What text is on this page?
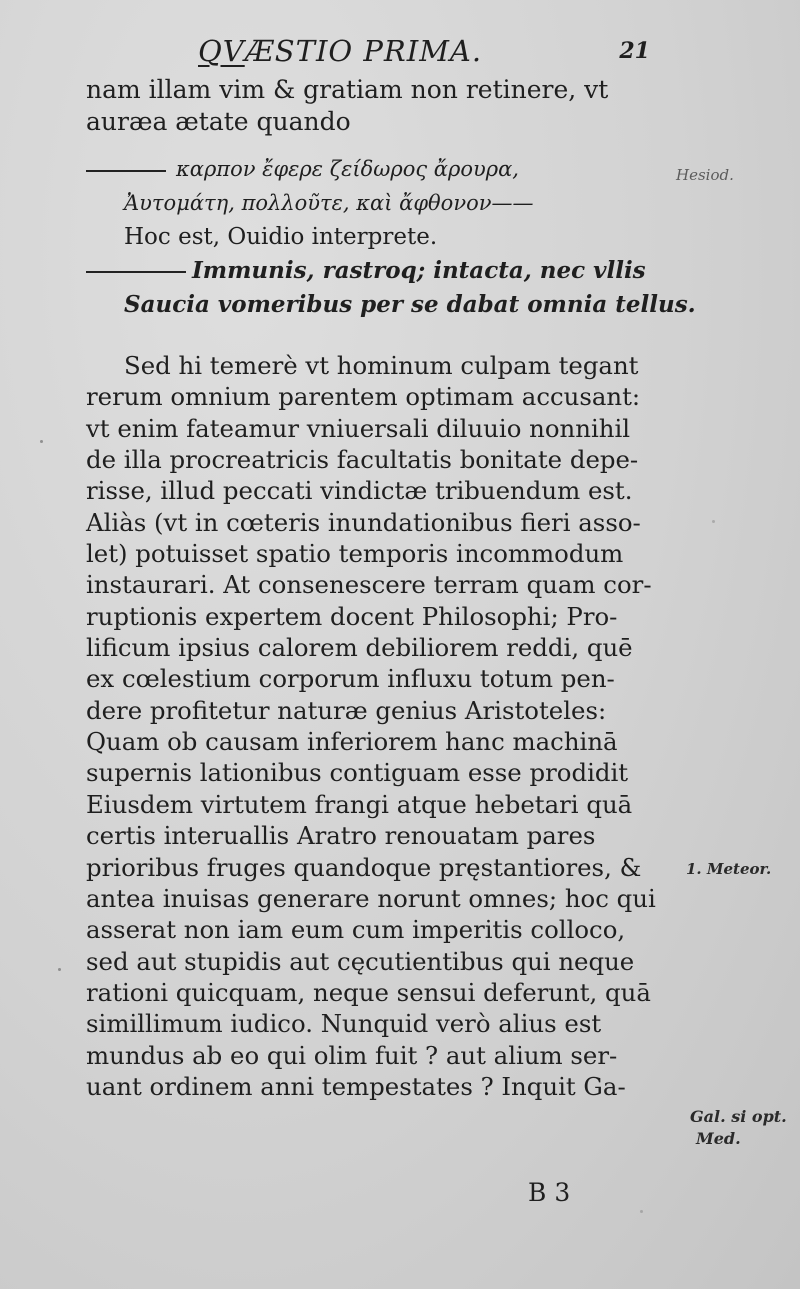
QVÆSTIO PRIMA.	21
nam illam vim & gratiam non retinere, vt
auræa ætate quando
καρπον ἔφερε ζείδωρος ἄρουρα,
Ἀυτομάτη, πολλοῦτε, καὶ ἄφθονον——
Hoc est, Ouidio interprete.
Immunis, rastroq; intacta, nec vllis
Saucia vomeribus per se dabat omnia tellus.
Sed hi temerè vt hominum culpam tegant
rerum omnium parentem optimam accusant:
vt enim fateamur vniuersali diluuio nonnihil
de illa procreatricis facultatis bonitate depe-
risse, illud peccati vindictæ tribuendum est.
Aliàs (vt in cœteris inundationibus fieri asso-
let) potuisset spatio temporis incommodum
instaurari. At consenescere terram quam cor-
ruptionis expertem docent Philosophi; Pro-
lificum ipsius calorem debiliorem reddi, quē
ex cœlestium corporum influxu totum pen-
dere profitetur naturæ genius Aristoteles:
Quam ob causam inferiorem hanc machinā
supernis lationibus contiguam esse prodidit
Eiusdem virtutem frangi atque hebetari quā
certis interuallis Aratro renouatam pares
prioribus fruges quandoque pręstantiores, &
antea inuisas generare norunt omnes; hoc qui
asserat non iam eum cum imperitis colloco,
sed aut stupidis aut cęcutientibus qui neque
rationi quicquam, neque sensui deferunt, quā
simillimum iudico. Nunquid verò alius est
mundus ab eo qui olim fuit ? aut alium ser-
uant ordinem anni tempestates ? Inquit Ga-
Hesiod.
1. Meteor.
Gal. si opt.
Med.
B 3
